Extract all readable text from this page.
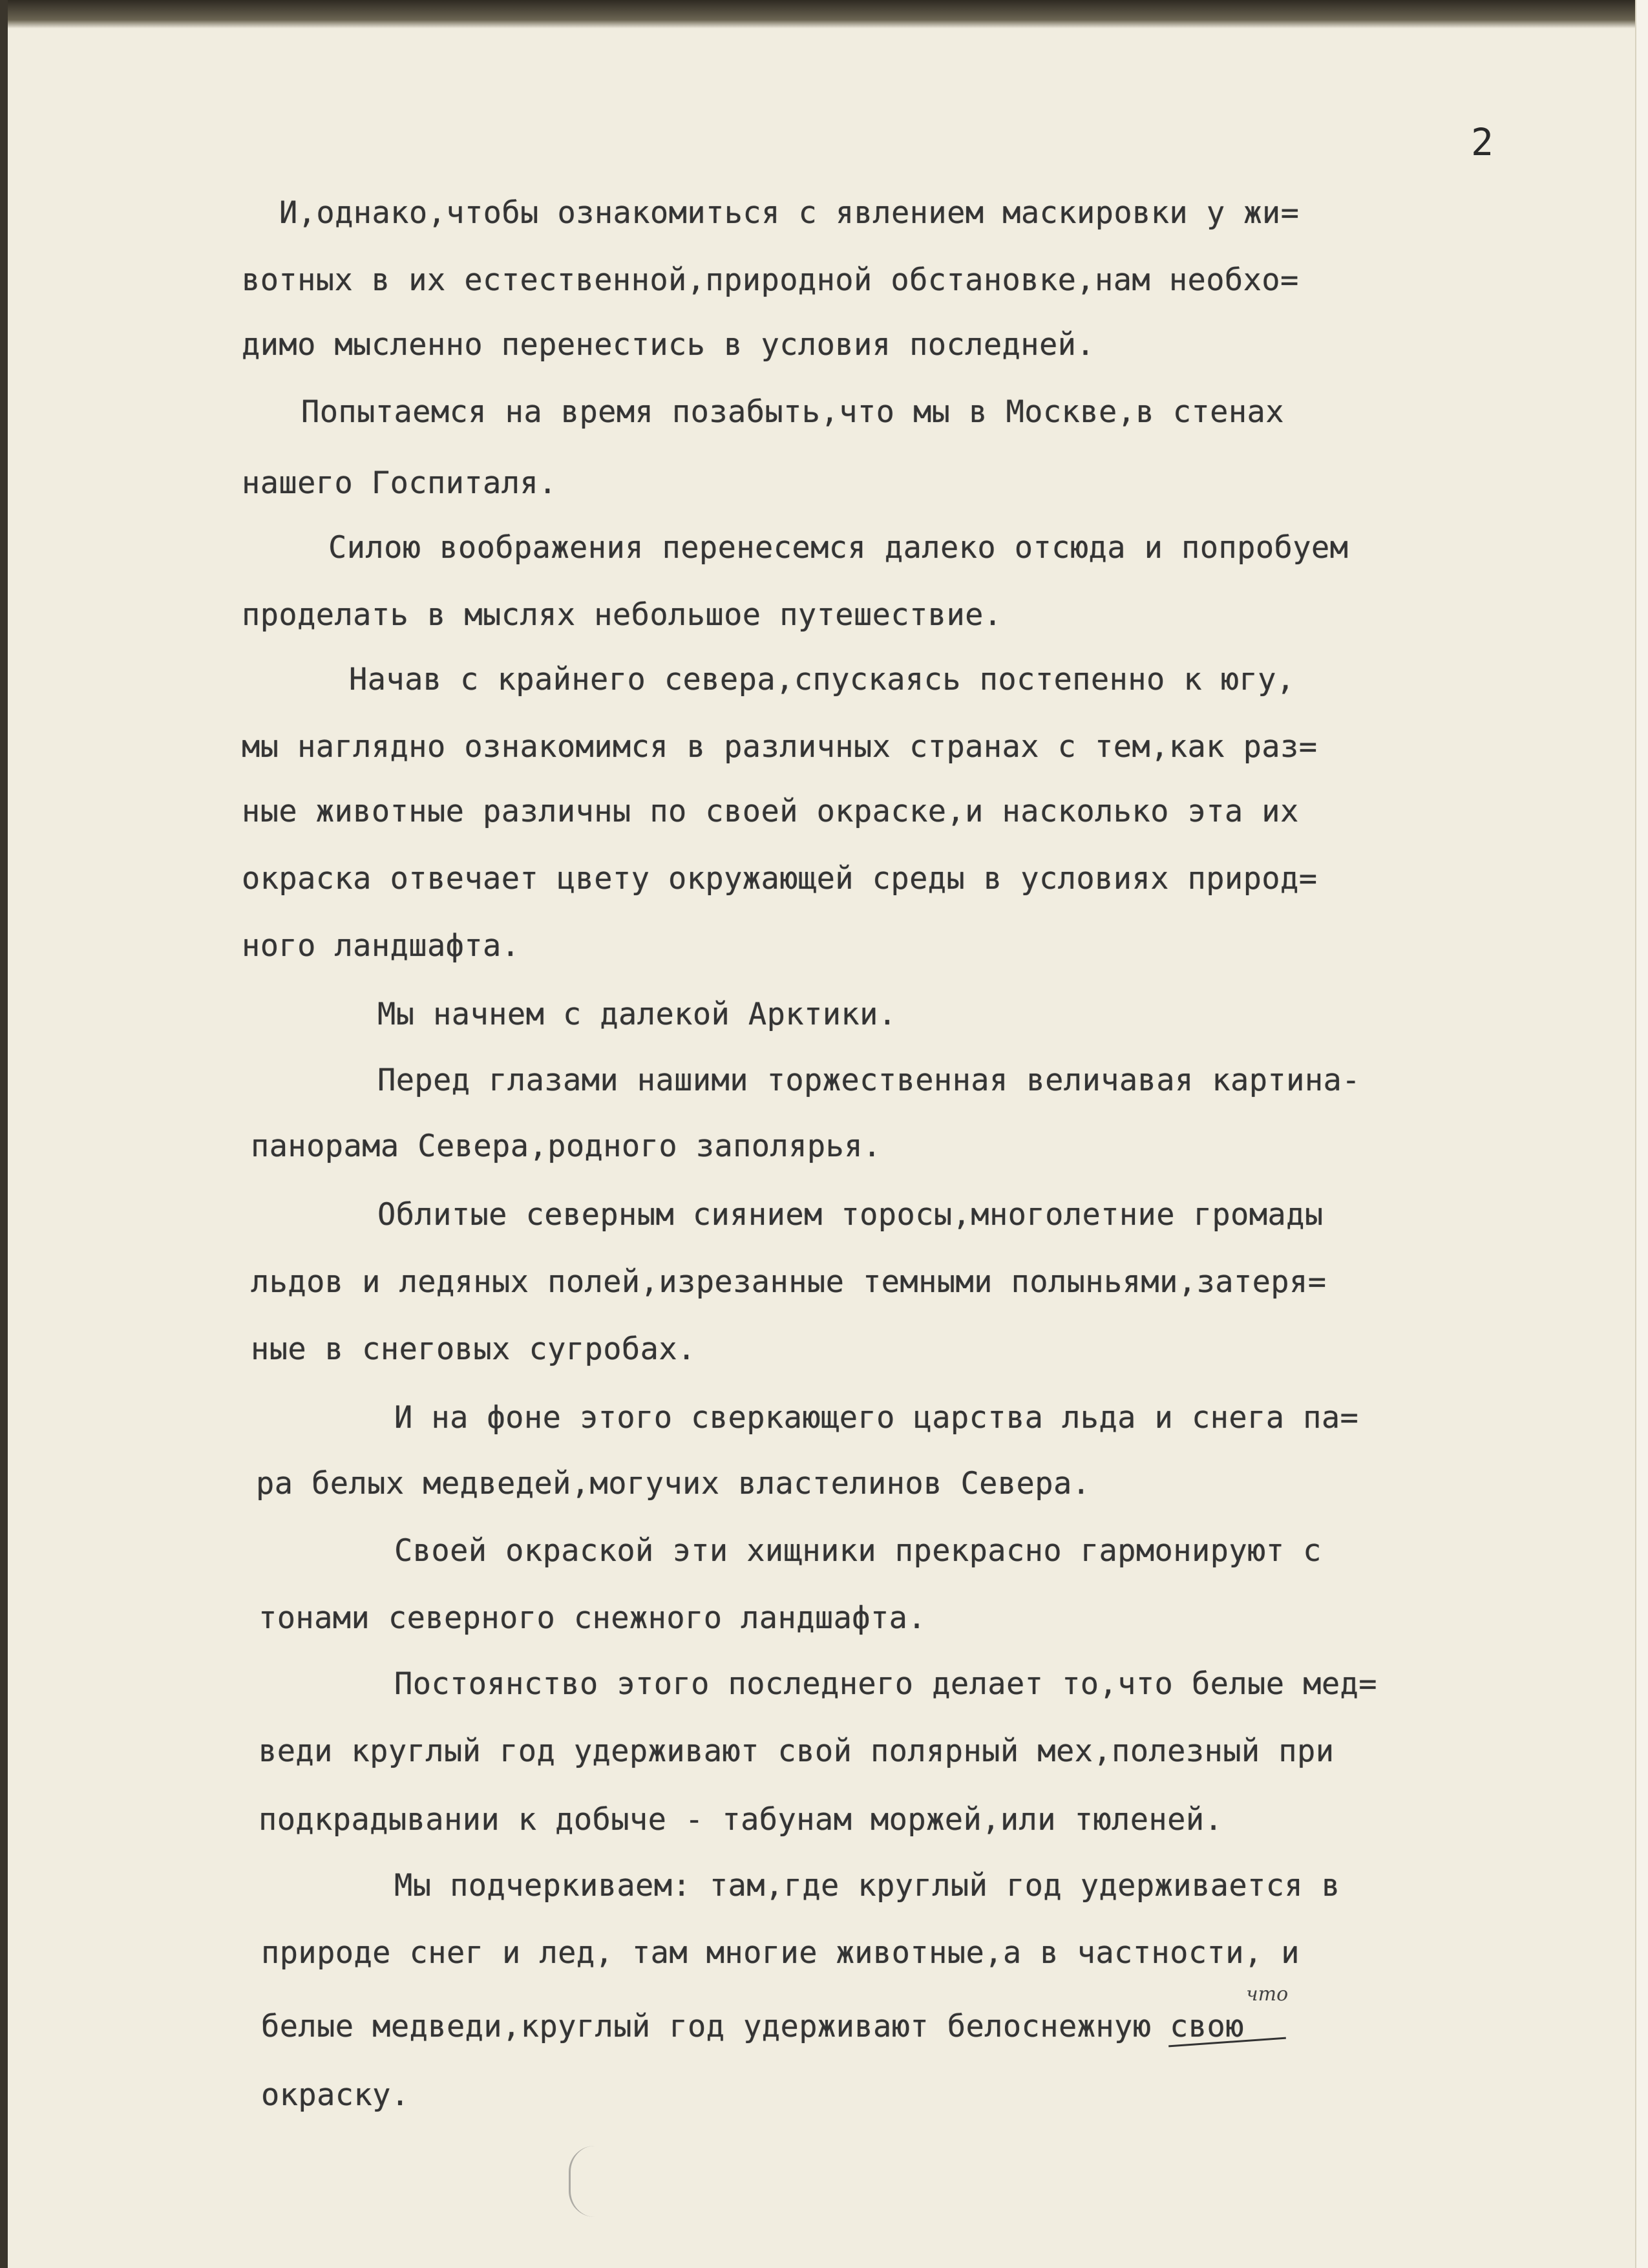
2
И,однако,чтобы ознакомиться с явлением маскировки у жи=
вотных в их естественной,природной обстановке,нам необхо=
димо мысленно перенестись в условия последней.
Попытаемся на время позабыть,что мы в Москве,в стенах
нашего Госпиталя.
Силою воображения перенесемся далеко отсюда и попробуем
проделать в мыслях небольшое путешествие.
Начав с крайнего севера,спускаясь постепенно к югу,
мы наглядно ознакомимся в различных странах с тем,как раз=
ные животные различны по своей окраске,и насколько эта их
окраска отвечает цвету окружающей среды в условиях природ=
ного ландшафта.
Мы начнем с далекой Арктики.
Перед глазами нашими торжественная величавая картина-
панорама Севера,родного заполярья.
Облитые северным сиянием торосы,многолетние громады
льдов и ледяных полей,изрезанные темными полыньями,затеря=
ные в снеговых сугробах.
И на фоне этого сверкающего царства льда и снега па=
ра белых медведей,могучих властелинов Севера.
Своей окраской эти хищники прекрасно гармонируют с
тонами северного снежного ландшафта.
Постоянство этого последнего делает то,что белые мед=
веди круглый год удерживают свой полярный мех,полезный при
подкрадывании к добыче - табунам моржей,или тюленей.
Мы подчеркиваем: там,где круглый год удерживается в
природе снег и лед, там многие животные,а в частности, и
белые медведи,круглый год удерживают белоснежную свою
окраску.
что
